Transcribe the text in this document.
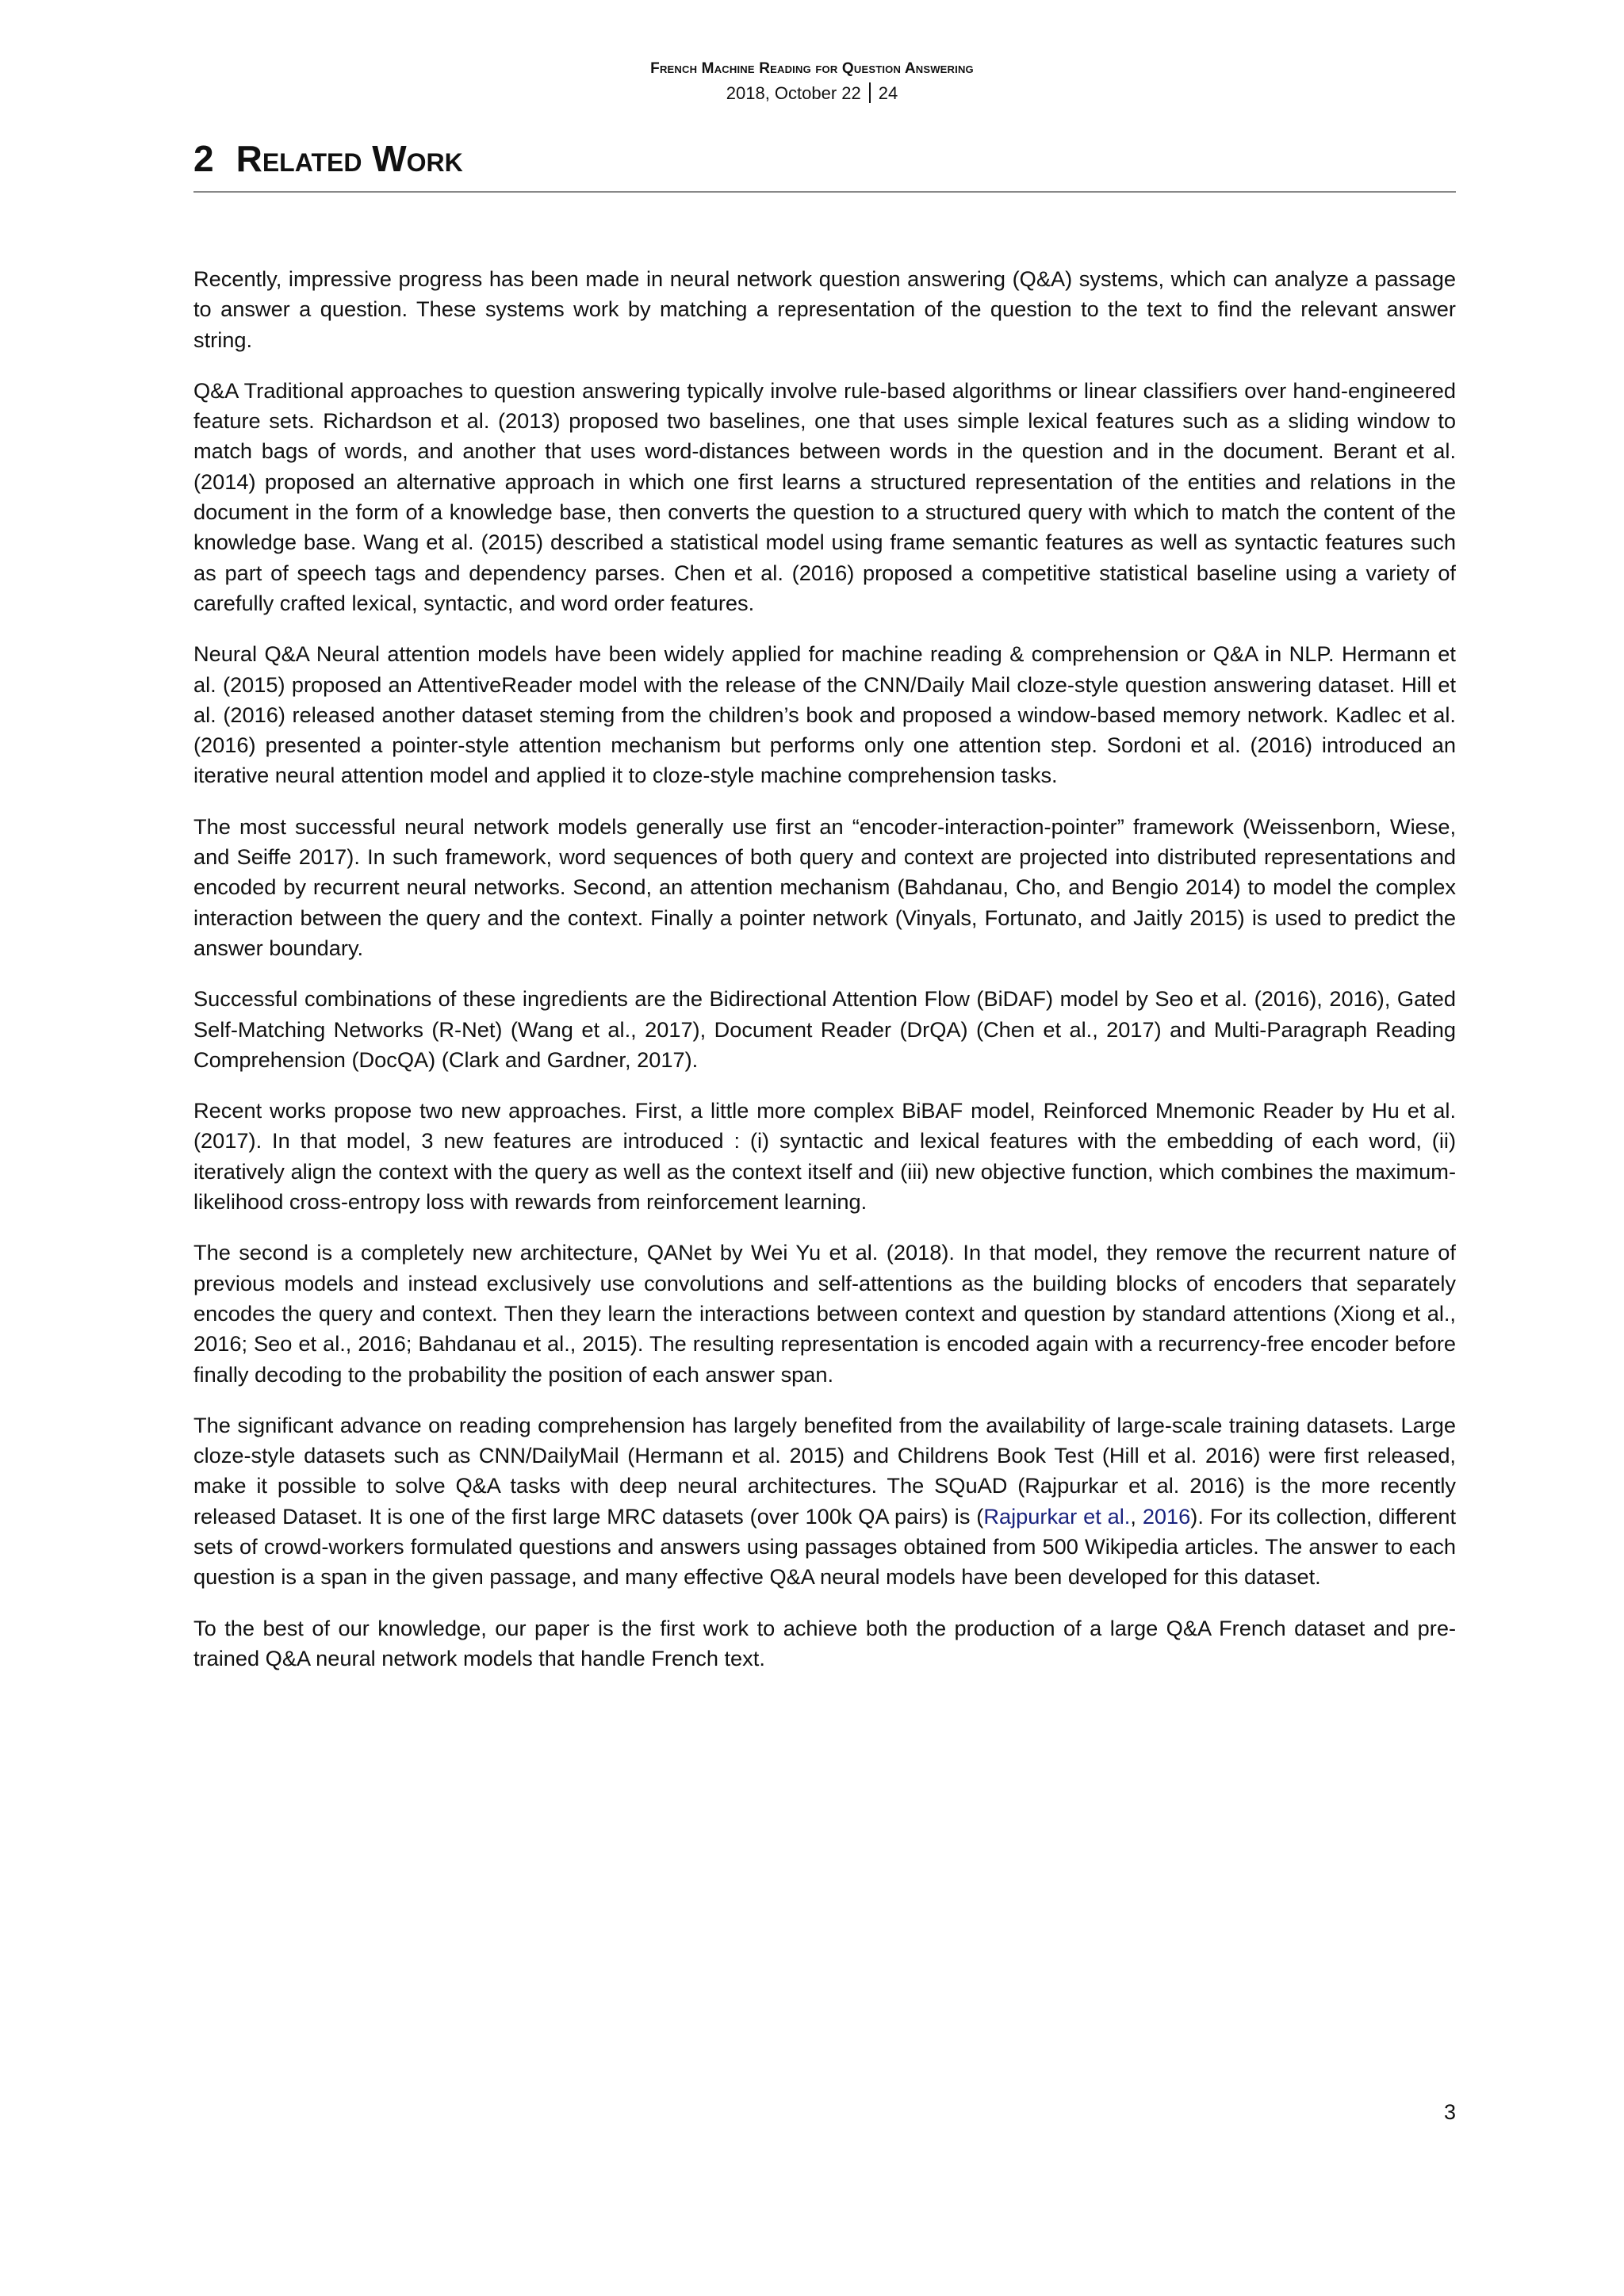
French Machine Reading for Question Answering
2018, October 22 24
2 Related Work

Recently, impressive progress has been made in neural network question answering (Q&A) systems, which can analyze a passage to answer a question. These systems work by matching a representation of the question to the text to find the relevant answer string.

Q&A Traditional approaches to question answering typically involve rule-based algorithms or linear classifiers over hand-engineered feature sets. Richardson et al. (2013) proposed two baselines, one that uses simple lexical features such as a sliding window to match bags of words, and another that uses word-distances between words in the question and in the document. Berant et al. (2014) proposed an alternative approach in which one first learns a structured representation of the entities and relations in the document in the form of a knowledge base, then converts the question to a structured query with which to match the content of the knowledge base. Wang et al. (2015) described a statistical model using frame semantic features as well as syntactic features such as part of speech tags and dependency parses. Chen et al. (2016) proposed a competitive statistical baseline using a variety of carefully crafted lexical, syntactic, and word order features.

Neural Q&A Neural attention models have been widely applied for machine reading & comprehension or Q&A in NLP. Hermann et al. (2015) proposed an AttentiveReader model with the release of the CNN/Daily Mail cloze-style question answering dataset. Hill et al. (2016) released another dataset steming from the children’s book and proposed a window-based memory network. Kadlec et al. (2016) presented a pointer-style attention mechanism but performs only one attention step. Sordoni et al. (2016) introduced an iterative neural attention model and applied it to cloze-style machine comprehension tasks.

The most successful neural network models generally use first an “encoder-interaction-pointer” framework (Weissenborn, Wiese, and Seiffe 2017). In such framework, word sequences of both query and context are projected into distributed representations and encoded by recurrent neural networks. Second, an attention mechanism (Bahdanau, Cho, and Bengio 2014) to model the complex interaction between the query and the context. Finally a pointer network (Vinyals, Fortunato, and Jaitly 2015) is used to predict the answer boundary.

Successful combinations of these ingredients are the Bidirectional Attention Flow (BiDAF) model by Seo et al. (2016), 2016), Gated Self-Matching Networks (R-Net) (Wang et al., 2017), Document Reader (DrQA) (Chen et al., 2017) and Multi-Paragraph Reading Comprehension (DocQA) (Clark and Gardner, 2017).

Recent works propose two new approaches. First, a little more complex BiBAF model, Reinforced Mnemonic Reader by Hu et al. (2017). In that model, 3 new features are introduced : (i) syntactic and lexical features with the embedding of each word, (ii) iteratively align the context with the query as well as the context itself and (iii) new objective function, which combines the maximum-likelihood cross-entropy loss with rewards from reinforcement learning.

The second is a completely new architecture, QANet by Wei Yu et al. (2018). In that model, they remove the recurrent nature of previous models and instead exclusively use convolutions and self-attentions as the building blocks of encoders that separately encodes the query and context. Then they learn the interactions between context and question by standard attentions (Xiong et al., 2016; Seo et al., 2016; Bahdanau et al., 2015). The resulting representation is encoded again with a recurrency-free encoder before finally decoding to the probability the position of each answer span.

The significant advance on reading comprehension has largely benefited from the availability of large-scale training datasets. Large cloze-style datasets such as CNN/DailyMail (Hermann et al. 2015) and Childrens Book Test (Hill et al. 2016) were first released, make it possible to solve Q&A tasks with deep neural architectures. The SQuAD (Rajpurkar et al. 2016) is the more recently released Dataset. It is one of the first large MRC datasets (over 100k QA pairs) is (Rajpurkar et al., 2016). For its collection, different sets of crowd-workers formulated questions and answers using passages obtained from 500 Wikipedia articles. The answer to each question is a span in the given passage, and many effective Q&A neural models have been developed for this dataset.

To the best of our knowledge, our paper is the first work to achieve both the production of a large Q&A French dataset and pre-trained Q&A neural network models that handle French text.

3
